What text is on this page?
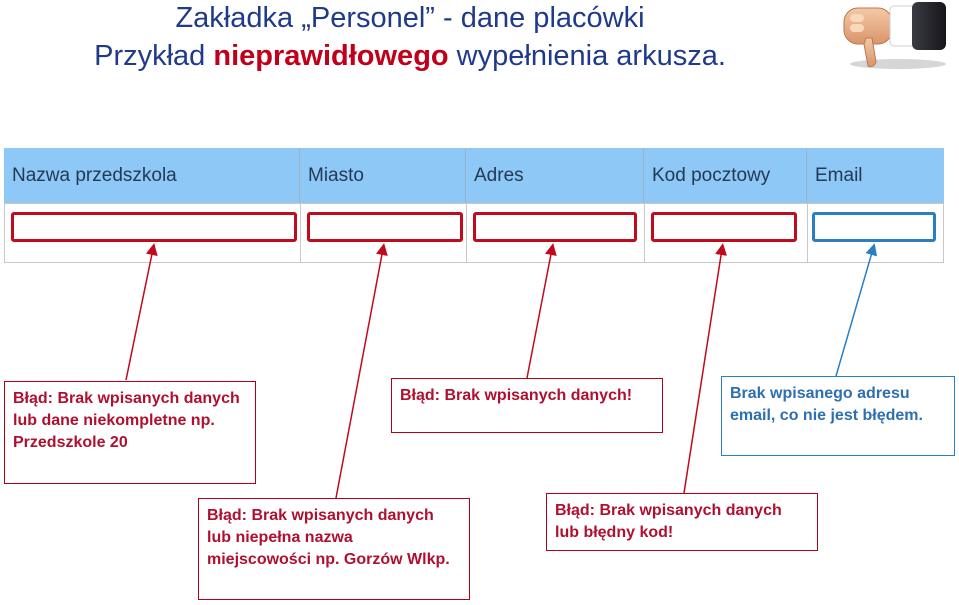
Zakładka „Personel” - dane placówki
Przykład nieprawidłowego wypełnienia arkusza.
Nazwa przedszkola	Miasto	Adres	Kod pocztowy	Email
Błąd: Brak wpisanych danych lub dane niekompletne np. Przedszkole 20
Błąd: Brak wpisanych danych!	Brak wpisanego adresu email, co nie jest błędem.
Błąd: Brak wpisanych danych lub niepełna nazwa miejscowości np. Gorzów Wlkp.
Błąd: Brak wpisanych danych lub błędny kod!
